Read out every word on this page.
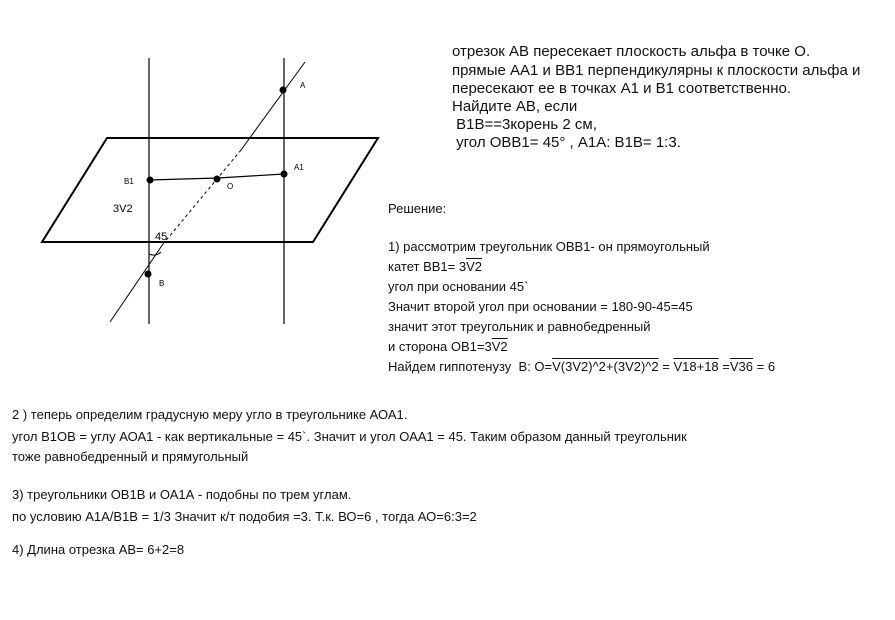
A
A1
B1
O
B
3V2
45
отрезок АВ пересекает плоскость альфа в точке О.
прямые АА1 и ВВ1 перпендикулярны к плоскости альфа и
пересекают ее в точках А1 и В1 соответственно.
Найдите АВ, если
В1В==3корень 2 см,
угол ОВВ1= 45° , А1А: В1В= 1:3.
Решение:
1) рассмотрим треугольник ОВВ1- он прямоугольный
катет ВВ1= 3V2
угол при основании 45`
Значит второй угол при основании = 180-90-45=45
значит этот треугольник и равнобедренный
и сторона ОВ1=3V2
Найдем гиппотенузу  В: О=V(3V2)^2+(3V2)^2 = V18+18 =V36 = 6
2 ) теперь определим градусную меру угло в треугольнике АОА1.
угол В1ОВ = углу АОА1 - как вертикальные = 45`. Значит и угол ОАА1 = 45. Таким образом данный треугольник
тоже равнобедренный и прямугольный
3) треугольники ОВ1В и ОА1А - подобны по трем углам.
по условию А1А/В1В = 1/3 Значит к/т подобия =3. Т.к. ВО=6 , тогда АО=6:3=2
4) Длина отрезка АВ= 6+2=8
